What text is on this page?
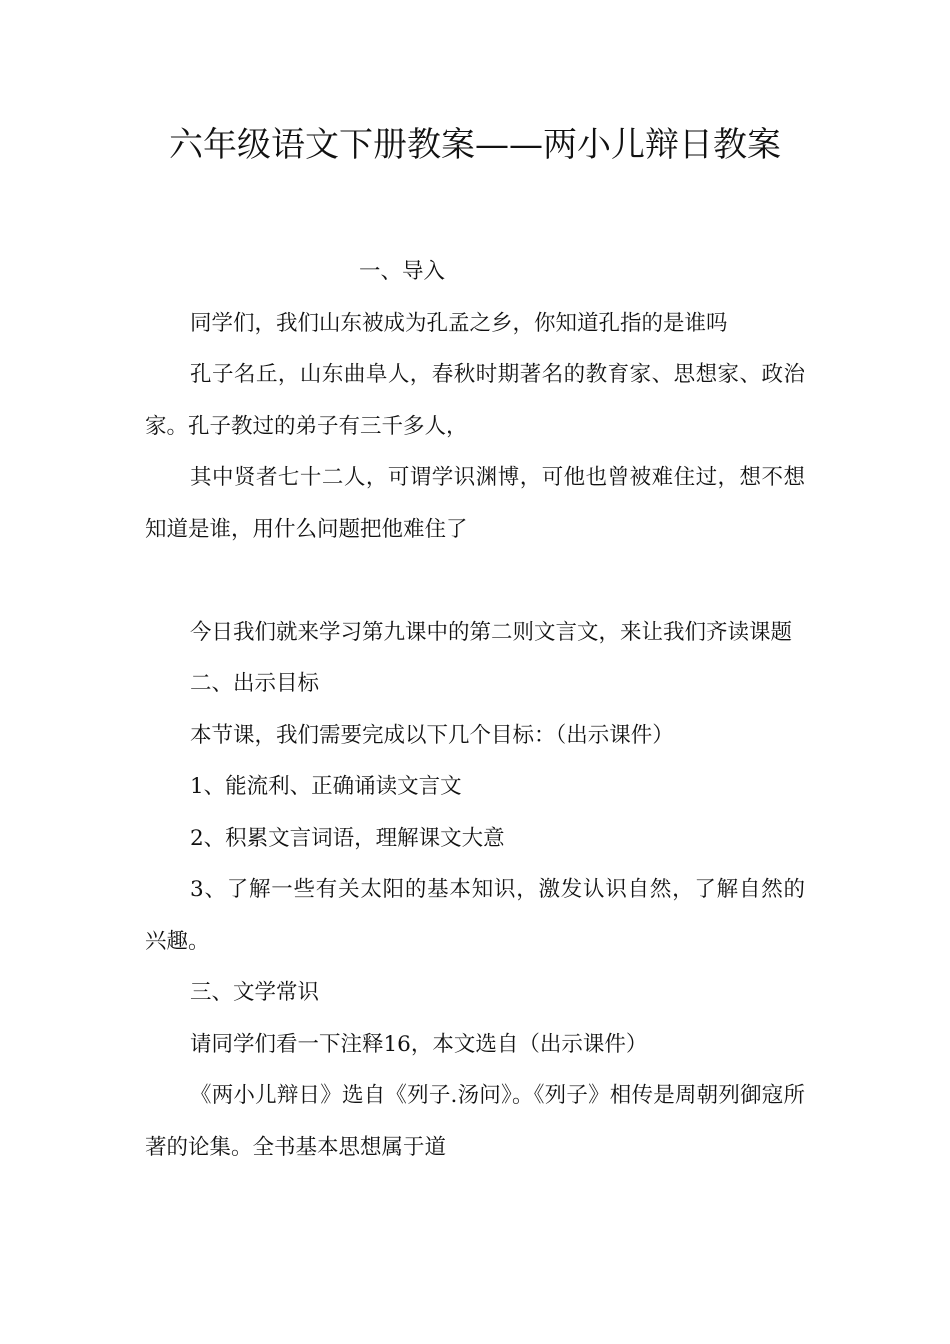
六年级语文下册教案——两小儿辩日教案

一、导入

同学们，我们山东被成为孔孟之乡，你知道孔指的是谁吗

孔子名丘，山东曲阜人，春秋时期著名的教育家、思想家、政治家。孔子教过的弟子有三千多人，

其中贤者七十二人，可谓学识渊博，可他也曾被难住过，想不想知道是谁，用什么问题把他难住了

今日我们就来学习第九课中的第二则文言文，来让我们齐读课题

二、出示目标

本节课，我们需要完成以下几个目标：（出示课件）

1、能流利、正确诵读文言文

2、积累文言词语，理解课文大意

3、了解一些有关太阳的基本知识，激发认识自然，了解自然的兴趣。

三、文学常识

请同学们看一下注释16，本文选自（出示课件）

《两小儿辩日》选自《列子.汤问》。《列子》相传是周朝列御寇所著的论集。全书基本思想属于道
